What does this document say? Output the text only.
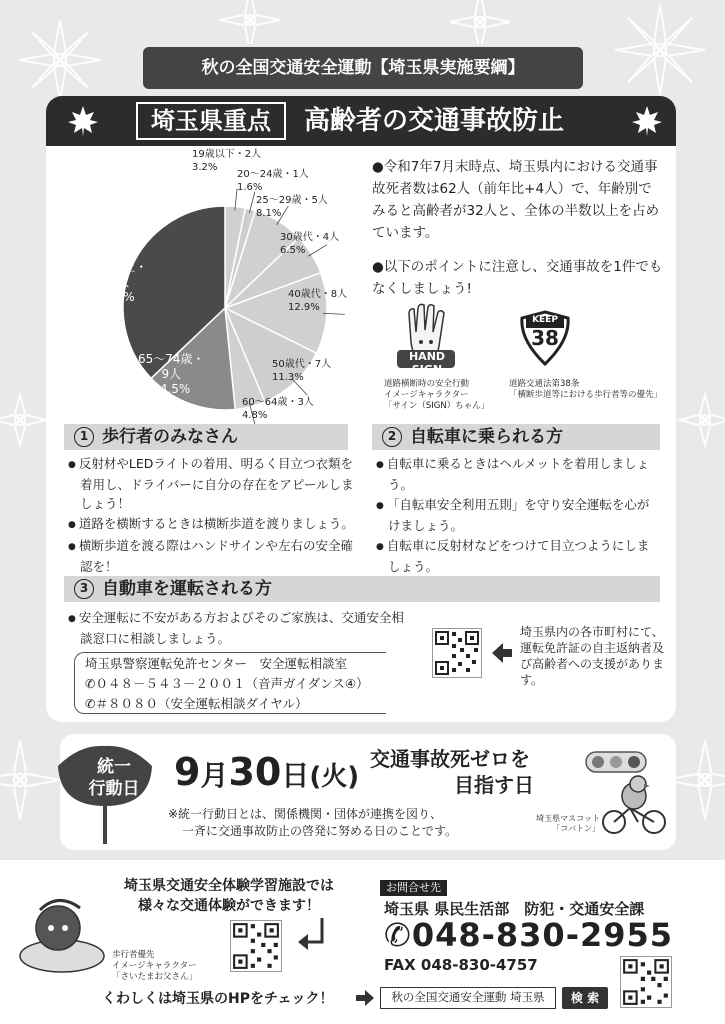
秋の全国交通安全運動【埼玉県実施要綱】
埼玉県重点	高齢者の交通事故防止
19歳以下・2人
3.2%
20～24歳・1人
1.6%
25～29歳・5人
8.1%
30歳代・4人
6.5%
40歳代・8人
12.9%
50歳代・7人
11.3%
60～64歳・3人
4.8%
65～74歳・
9人
14.5%
75歳以上・
23人
37.1%

●令和7年7月末時点、埼玉県内における交通事故死者数は62人（前年比+4人）で、年齢別でみると高齢者が32人と、全体の半数以上を占めています。

●以下のポイントに注意し、交通事故を1件でもなくしましょう!

HAND SIGN
道路横断時の安全行動
イメージキャラクター
「サイン（SIGN）ちゃん」
KEEP
38
道路交通法第38条
「横断歩道等における歩行者等の優先」
1 歩行者のみなさん
● 反射材やLEDライトの着用、明るく目立つ衣類を着用し、ドライバーに自分の存在をアピールしましょう！
● 道路を横断するときは横断歩道を渡りましょう。
● 横断歩道を渡る際はハンドサインや左右の安全確認を！
2 自転車に乗られる方
● 自転車に乗るときはヘルメットを着用しましょう。
● 「自転車安全利用五則」を守り安全運転を心がけましょう。
● 自転車に反射材などをつけて目立つようにしましょう。
3 自動車を運転される方
● 安全運転に不安がある方およびそのご家族は、交通安全相談窓口に相談しましょう。
埼玉県警察運転免許センター　安全運転相談室
✆０４８－５４３－２００１（音声ガイダンス④）
✆＃８０８０（安全運転相談ダイヤル）
埼玉県内の各市町村にて、運転免許証の自主返納者及び高齢者への支援があります。
統一
行動日 9月30日(火)
交通事故死ゼロを
目指す日
※統一行動日とは、関係機関・団体が連携を図り、
一斉に交通事故防止の啓発に努める日のことです。
埼玉県マスコット
「コバトン」
埼玉県交通安全体験学習施設では
様々な交通体験ができます！
歩行者優先
イメージキャラクター
「さいたまお父さん」
お問合せ先
埼玉県 県民生活部　防犯・交通安全課
✆048-830-2955
FAX 048-830-4757
くわしくは埼玉県のHPをチェック！	秋の全国交通安全運動 埼玉県	検 索
